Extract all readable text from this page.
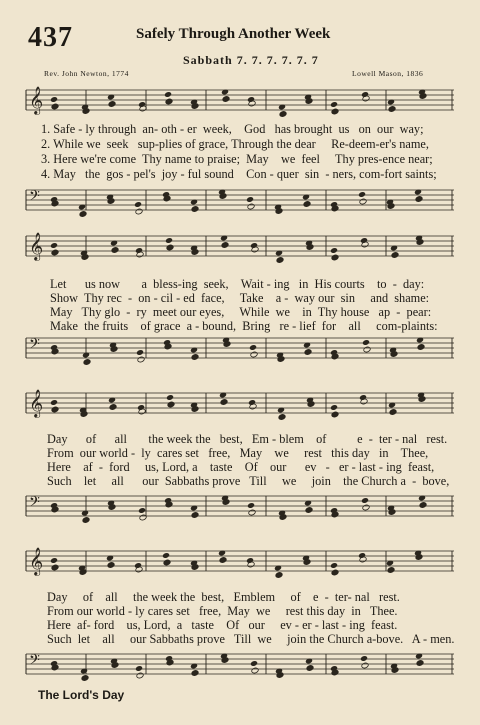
437	Safely Through Another Week
Sabbath 7. 7. 7. 7. 7. 7
Rev. John Newton, 1774	Lowell Mason, 1836
𝄞
1. Safe - ly through  an- oth - er  week,    God   has brought  us   on  our  way;
2. While we  seek   sup-plies of grace, Through the dear     Re-deem-er's name,
3. Here we're come  Thy name to praise;  May    we  feel     Thy pres-ence near;
4. May   the  gos - pel's  joy - ful sound    Con - quer  sin  - ners, com-fort saints;
𝄢
𝄞
Let      us now       a  bless-ing  seek,    Wait - ing   in  His courts    to  -  day:
Show  Thy rec  -  on - cil - ed  face,     Take    a -  way our  sin     and  shame:
May   Thy glo  -  ry  meet our eyes,     While  we    in  Thy house   ap  -  pear:
Make  the fruits    of grace  a - bound,  Bring   re - lief  for    all     com-plaints:
𝄢
𝄞
Day      of      all       the week the   best,   Em - blem    of          e  -  ter - nal   rest.
From  our world -  ly  cares set   free,   May    we     rest   this day   in    Thee,
Here    af  -  ford     us, Lord, a    taste    Of    our      ev   -   er - last - ing  feast,
Such    let     all      our  Sabbaths prove   Till     we     join    the Church a  -  bove,
𝄢
𝄞
Day     of    all     the week the  best,   Emblem     of    e  -  ter- nal   rest.
From our world - ly cares set   free,  May  we     rest this day  in   Thee.
Here  af- ford    us, Lord,  a   taste    Of   our     ev - er - last - ing  feast.
Such  let    all     our Sabbaths prove   Till  we     join the Church a-bove.   A - men.
𝄢
The Lord's Day
